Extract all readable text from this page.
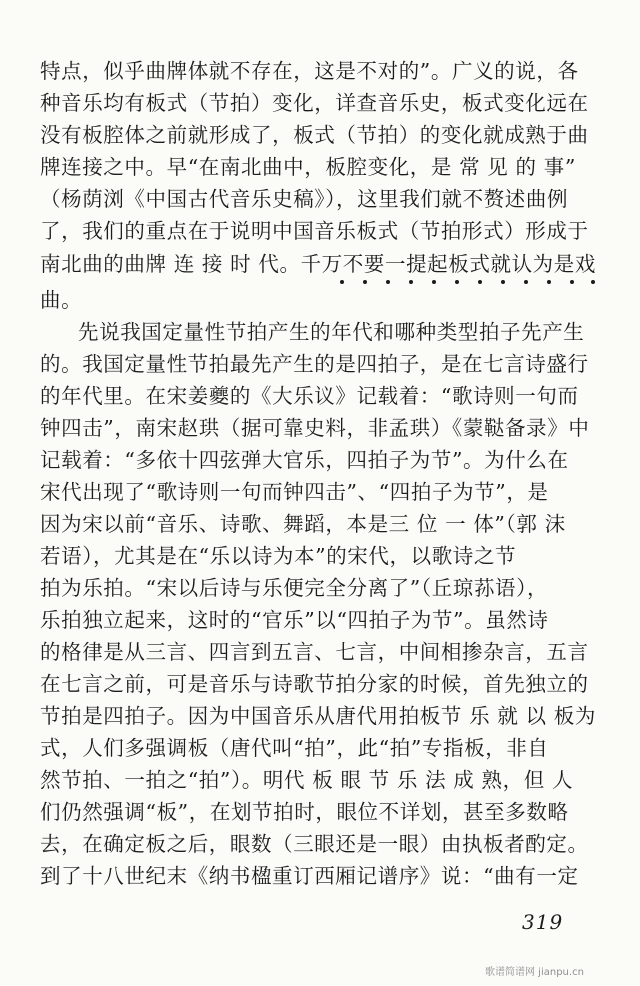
特点，似乎曲牌体就不存在，这是不对的”。广义的说，各
种音乐均有板式（节拍）变化，详查音乐史，板式变化远在
没有板腔体之前就形成了，板式（节拍）的变化就成熟于曲
牌连接之中。早“在南北曲中，板腔变化，是 常 见 的 事”
（杨荫浏《中国古代音乐史稿》），这里我们就不赘述曲例
了，我们的重点在于说明中国音乐板式（节拍形式）形成于
南北曲的曲牌 连 接 时 代。千万不要一提起板式就认为是戏
曲。
先说我国定量性节拍产生的年代和哪种类型拍子先产生
的。我国定量性节拍最先产生的是四拍子，是在七言诗盛行
的年代里。在宋姜夔的《大乐议》记载着：“歌诗则一句而
钟四击”，南宋赵珙（据可靠史料，非孟珙）《蒙鞑备录》中
记载着：“多依十四弦弹大官乐，四拍子为节”。为什么在
宋代出现了“歌诗则一句而钟四击”、“四拍子为节”，是
因为宋以前“音乐、诗歌、舞蹈，本是三 位 一 体”（郭 沫
若语），尤其是在“乐以诗为本”的宋代，以歌诗之节
拍为乐拍。“宋以后诗与乐便完全分离了”（丘琼荪语），
乐拍独立起来，这时的“官乐”以“四拍子为节”。虽然诗
的格律是从三言、四言到五言、七言，中间相掺杂言，五言
在七言之前，可是音乐与诗歌节拍分家的时候，首先独立的
节拍是四拍子。因为中国音乐从唐代用拍板节 乐 就 以 板为
式，人们多强调板（唐代叫“拍”，此“拍”专指板，非自
然节拍、一拍之“拍”）。明代 板 眼 节 乐 法 成 熟，但 人
们仍然强调“板”，在划节拍时，眼位不详划，甚至多数略
去，在确定板之后，眼数（三眼还是一眼）由执板者酌定。
到了十八世纪末《纳书楹重订西厢记谱序》说：“曲有一定
319
歌谱简谱网 jianpu.cn
